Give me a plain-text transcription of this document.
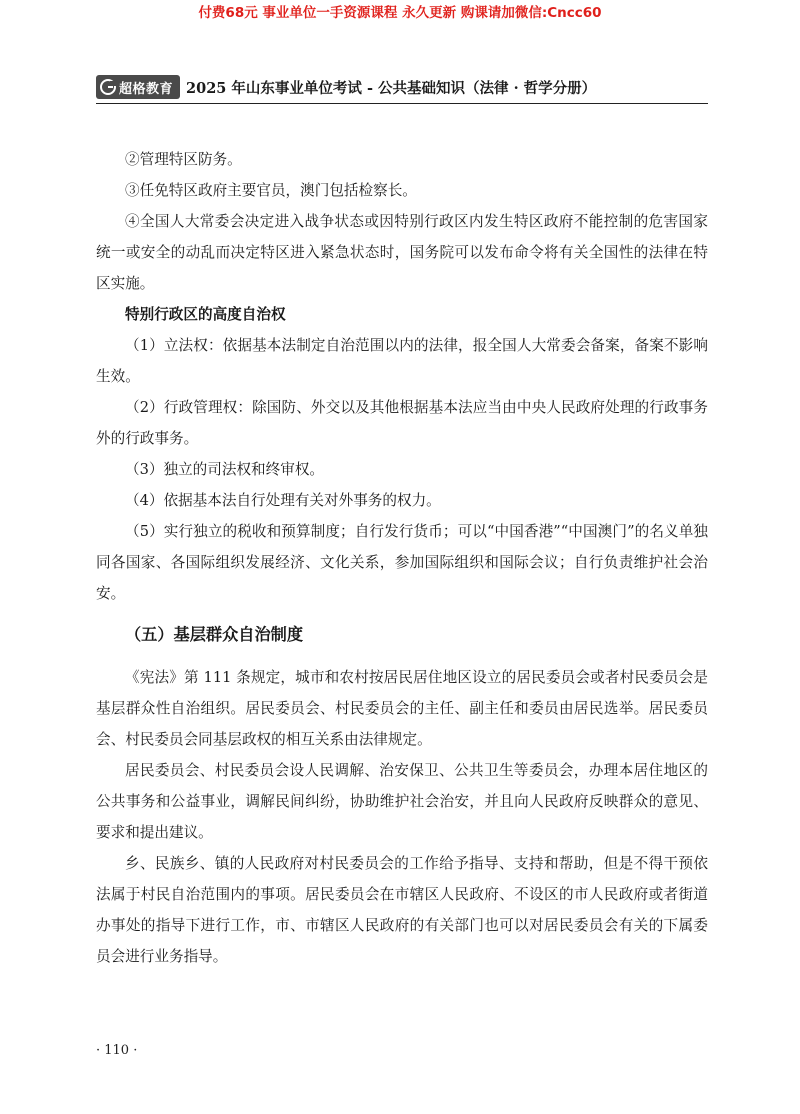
付费68元 事业单位一手资源课程 永久更新 购课请加微信:Cncc60
超格教育 2025 年山东事业单位考试 - 公共基础知识（法律 · 哲学分册）

②管理特区防务。

③任免特区政府主要官员，澳门包括检察长。

④全国人大常委会决定进入战争状态或因特别行政区内发生特区政府不能控制的危害国家统一或安全的动乱而决定特区进入紧急状态时，国务院可以发布命令将有关全国性的法律在特区实施。

特别行政区的高度自治权

（1）立法权：依据基本法制定自治范围以内的法律，报全国人大常委会备案，备案不影响生效。

（2）行政管理权：除国防、外交以及其他根据基本法应当由中央人民政府处理的行政事务外的行政事务。

（3）独立的司法权和终审权。

（4）依据基本法自行处理有关对外事务的权力。

（5）实行独立的税收和预算制度；自行发行货币；可以“中国香港”“中国澳门”的名义单独同各国家、各国际组织发展经济、文化关系，参加国际组织和国际会议；自行负责维护社会治安。

（五）基层群众自治制度

《宪法》第 111 条规定，城市和农村按居民居住地区设立的居民委员会或者村民委员会是基层群众性自治组织。居民委员会、村民委员会的主任、副主任和委员由居民选举。居民委员会、村民委员会同基层政权的相互关系由法律规定。

居民委员会、村民委员会设人民调解、治安保卫、公共卫生等委员会，办理本居住地区的公共事务和公益事业，调解民间纠纷，协助维护社会治安，并且向人民政府反映群众的意见、要求和提出建议。

乡、民族乡、镇的人民政府对村民委员会的工作给予指导、支持和帮助，但是不得干预依法属于村民自治范围内的事项。居民委员会在市辖区人民政府、不设区的市人民政府或者街道办事处的指导下进行工作，市、市辖区人民政府的有关部门也可以对居民委员会有关的下属委员会进行业务指导。

· 110 ·
